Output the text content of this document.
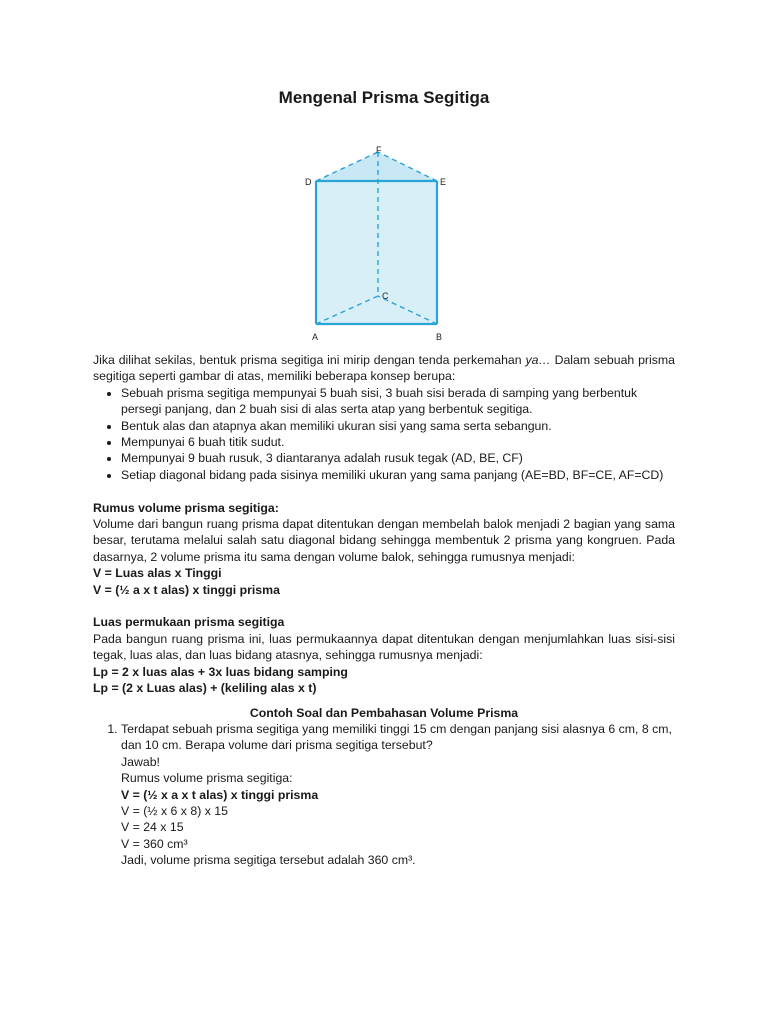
Mengenal Prisma Segitiga
F
D	E
C
A	B

Jika dilihat sekilas, bentuk prisma segitiga ini mirip dengan tenda perkemahan ya… Dalam sebuah prisma segitiga seperti gambar di atas, memiliki beberapa konsep berupa:

• Sebuah prisma segitiga mempunyai 5 buah sisi, 3 buah sisi berada di samping yang berbentuk persegi panjang, dan 2 buah sisi di alas serta atap yang berbentuk segitiga.
• Bentuk alas dan atapnya akan memiliki ukuran sisi yang sama serta sebangun.
• Mempunyai 6 buah titik sudut.
• Mempunyai 9 buah rusuk, 3 diantaranya adalah rusuk tegak (AD, BE, CF)
• Setiap diagonal bidang pada sisinya memiliki ukuran yang sama panjang (AE=BD, BF=CE, AF=CD)

Rumus volume prisma segitiga:

Volume dari bangun ruang prisma dapat ditentukan dengan membelah balok menjadi 2 bagian yang sama besar, terutama melalui salah satu diagonal bidang sehingga membentuk 2 prisma yang kongruen. Pada dasarnya, 2 volume prisma itu sama dengan volume balok, sehingga rumusnya menjadi:

V = Luas alas x Tinggi

V = (½ a x t alas) x tinggi prisma

Luas permukaan prisma segitiga

Pada bangun ruang prisma ini, luas permukaannya dapat ditentukan dengan menjumlahkan luas sisi-sisi tegak, luas alas, dan luas bidang atasnya, sehingga rumusnya menjadi:

Lp = 2 x luas alas + 3x luas bidang samping

Lp = (2 x Luas alas) + (keliling alas x t)

Contoh Soal dan Pembahasan Volume Prisma

1. Terdapat sebuah prisma segitiga yang memiliki tinggi 15 cm dengan panjang sisi alasnya 6 cm, 8 cm, dan 10 cm. Berapa volume dari prisma segitiga tersebut?
Jawab!
Rumus volume prisma segitiga:
V = (½ x a x t alas) x tinggi prisma
V = (½ x 6 x 8) x 15
V = 24 x 15
V = 360 cm³
Jadi, volume prisma segitiga tersebut adalah 360 cm³.
